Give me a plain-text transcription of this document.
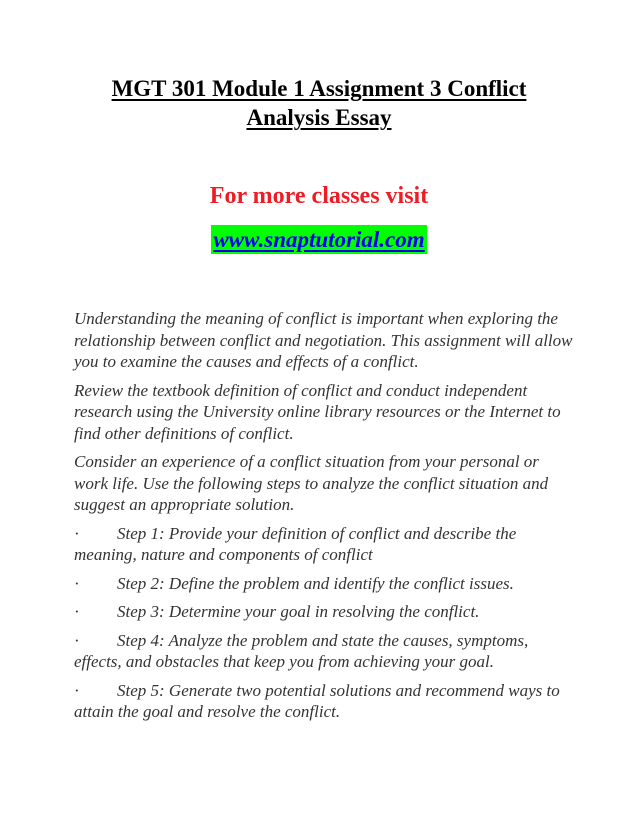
MGT 301 Module 1 Assignment 3 Conflict
Analysis Essay
For more classes visit
www.snaptutorial.com

Understanding the meaning of conflict is important when exploring the relationship between conflict and negotiation. This assignment will allow you to examine the causes and effects of a conflict.

Review the textbook definition of conflict and conduct independent research using the University online library resources or the Internet to find other definitions of conflict.

Consider an experience of a conflict situation from your personal or work life. Use the following steps to analyze the conflict situation and suggest an appropriate solution.

· Step 1: Provide your definition of conflict and describe the meaning, nature and components of conflict
· Step 2: Define the problem and identify the conflict issues.
· Step 3: Determine your goal in resolving the conflict.
· Step 4: Analyze the problem and state the causes, symptoms, effects, and obstacles that keep you from achieving your goal.
· Step 5: Generate two potential solutions and recommend ways to attain the goal and resolve the conflict.
